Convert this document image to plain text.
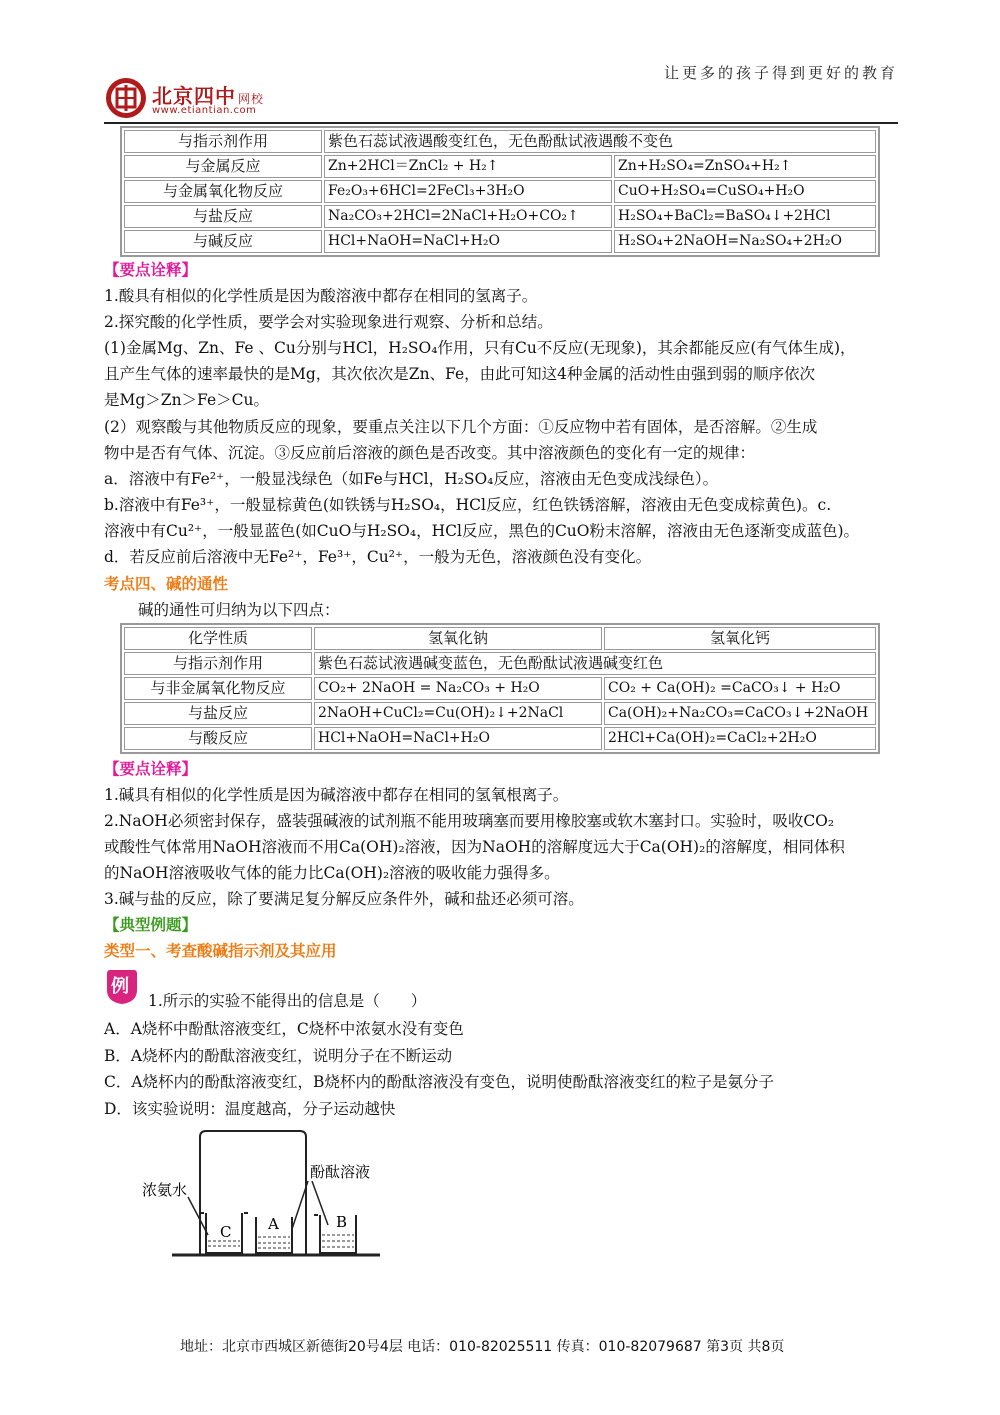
让更多的孩子得到更好的教育
北京四中 网校
www.etiantian.com
与指示剂作用	紫色石蕊试液遇酸变红色，无色酚酞试液遇酸不变色	
与金属反应	Zn+2HCl＝ZnCl₂ + H₂↑	Zn+H₂SO₄=ZnSO₄+H₂↑
与金属氧化物反应	Fe₂O₃+6HCl=2FeCl₃+3H₂O	CuO+H₂SO₄=CuSO₄+H₂O
与盐反应	Na₂CO₃+2HCl=2NaCl+H₂O+CO₂↑	H₂SO₄+BaCl₂=BaSO₄↓+2HCl
与碱反应	HCl+NaOH=NaCl+H₂O	H₂SO₄+2NaOH=Na₂SO₄+2H₂O
【要点诠释】
1.酸具有相似的化学性质是因为酸溶液中都存在相同的氢离子。
2.探究酸的化学性质，要学会对实验现象进行观察、分析和总结。
(1)金属Mg、Zn、Fe 、Cu分别与HCl，H₂SO₄作用，只有Cu不反应(无现象)，其余都能反应(有气体生成)，
且产生气体的速率最快的是Mg，其次依次是Zn、Fe，由此可知这4种金属的活动性由强到弱的顺序依次
是Mg＞Zn＞Fe＞Cu。
(2）观察酸与其他物质反应的现象，要重点关注以下几个方面：①反应物中若有固体，是否溶解。②生成
物中是否有气体、沉淀。③反应前后溶液的颜色是否改变。其中溶液颜色的变化有一定的规律：
a．溶液中有Fe²⁺，一般显浅绿色（如Fe与HCl，H₂SO₄反应，溶液由无色变成浅绿色）。
b.溶液中有Fe³⁺，一般显棕黄色(如铁锈与H₂SO₄，HCl反应，红色铁锈溶解，溶液由无色变成棕黄色)。c.
溶液中有Cu²⁺，一般显蓝色(如CuO与H₂SO₄，HCl反应，黑色的CuO粉末溶解，溶液由无色逐渐变成蓝色)。
d．若反应前后溶液中无Fe²⁺，Fe³⁺，Cu²⁺，一般为无色，溶液颜色没有变化。
考点四、碱的通性
碱的通性可归纳为以下四点：
化学性质	氢氧化钠	氢氧化钙
与指示剂作用	紫色石蕊试液遇碱变蓝色，无色酚酞试液遇碱变红色	
与非金属氧化物反应	CO₂+ 2NaOH = Na₂CO₃ + H₂O	CO₂ + Ca(OH)₂ =CaCO₃↓ + H₂O
与盐反应	2NaOH+CuCl₂=Cu(OH)₂↓+2NaCl	Ca(OH)₂+Na₂CO₃=CaCO₃↓+2NaOH
与酸反应	HCl+NaOH=NaCl+H₂O	2HCl+Ca(OH)₂=CaCl₂+2H₂O
【要点诠释】
1.碱具有相似的化学性质是因为碱溶液中都存在相同的氢氧根离子。
2.NaOH必须密封保存，盛装强碱液的试剂瓶不能用玻璃塞而要用橡胶塞或软木塞封口。实验时，吸收CO₂
或酸性气体常用NaOH溶液而不用Ca(OH)₂溶液，因为NaOH的溶解度远大于Ca(OH)₂的溶解度，相同体积
的NaOH溶液吸收气体的能力比Ca(OH)₂溶液的吸收能力强得多。
3.碱与盐的反应，除了要满足复分解反应条件外，碱和盐还必须可溶。
【典型例题】
类型一、考查酸碱指示剂及其应用
例
1.所示的实验不能得出的信息是（　　）
A．A烧杯中酚酞溶液变红，C烧杯中浓氨水没有变色
B．A烧杯内的酚酞溶液变红，说明分子在不断运动
C．A烧杯内的酚酞溶液变红，B烧杯内的酚酞溶液没有变色，说明使酚酞溶液变红的粒子是氨分子
D．该实验说明：温度越高，分子运动越快
浓氨水
酚酞溶液
C A	B
地址：北京市西城区新德街20号4层 电话：010-82025511 传真：010-82079687 第3页 共8页
